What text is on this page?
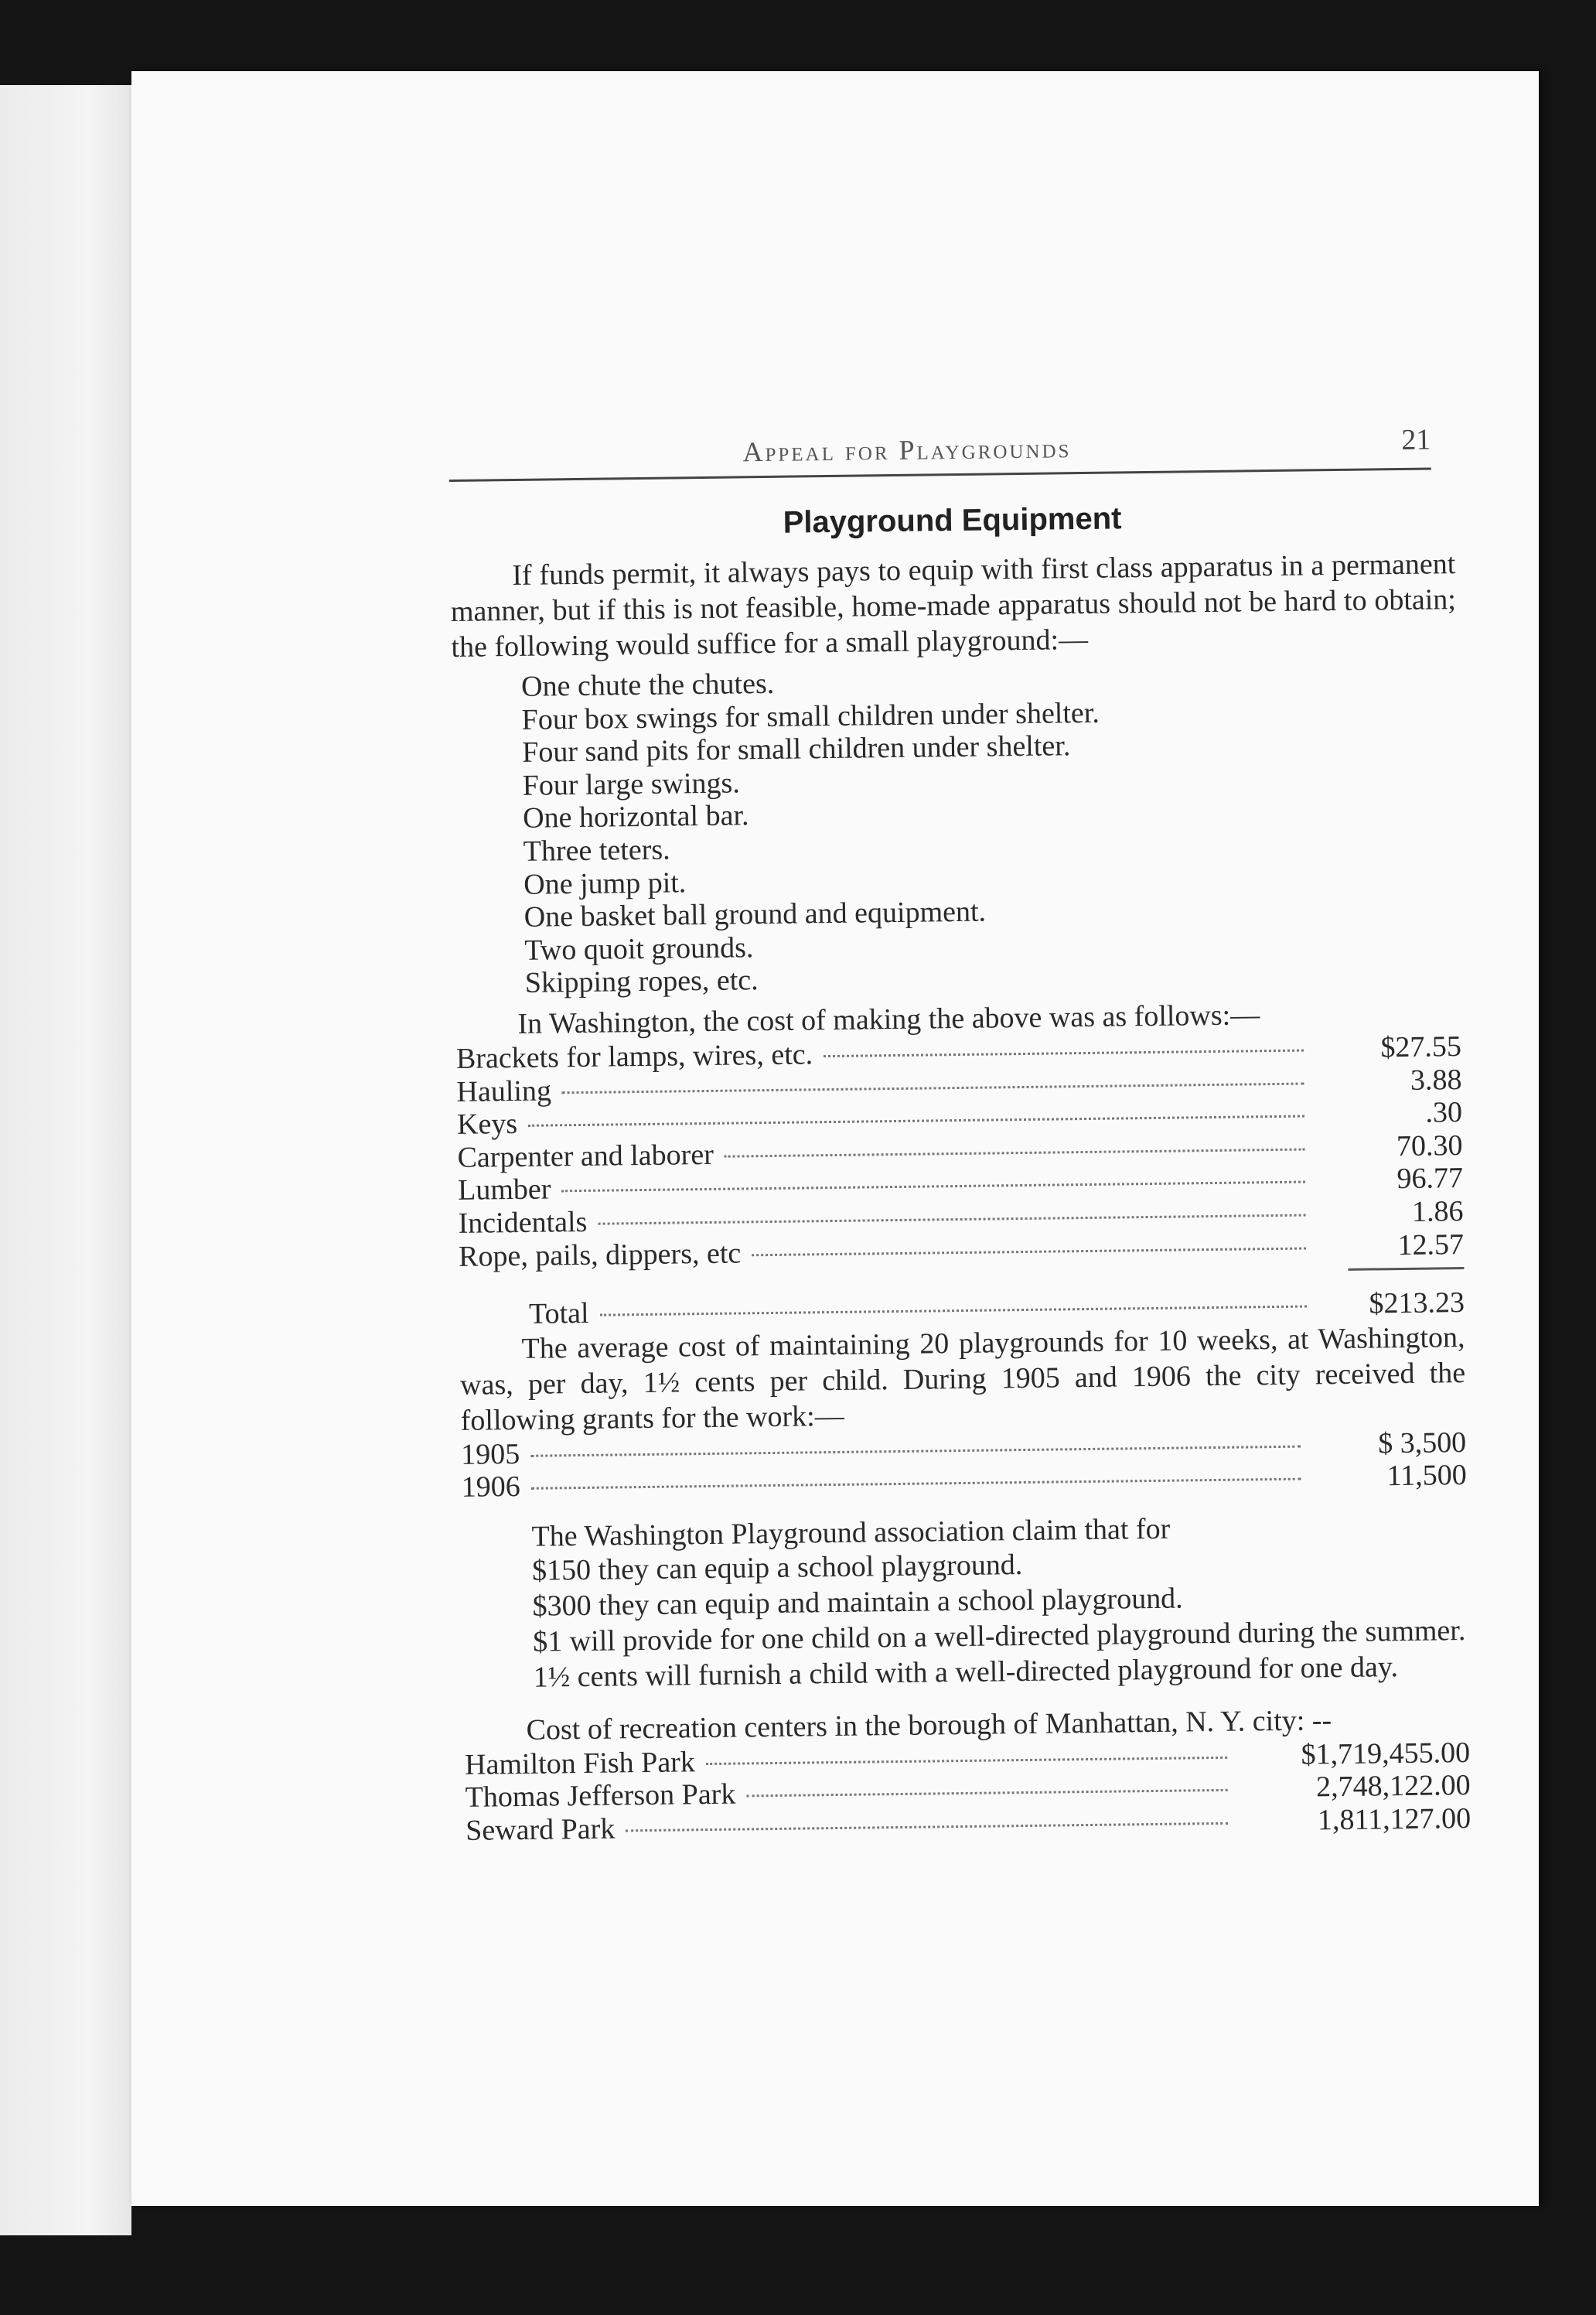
Appeal for Playgrounds	21
Playground Equipment

If funds permit, it always pays to equip with first class apparatus in a permanent manner, but if this is not feasible, home-made apparatus should not be hard to obtain; the following would suffice for a small playground:—

One chute the chutes.
Four box swings for small children under shelter.
Four sand pits for small children under shelter.
Four large swings.
One horizontal bar.
Three teters.
One jump pit.
One basket ball ground and equipment.
Two quoit grounds.
Skipping ropes, etc.

In Washington, the cost of making the above was as follows:—

Brackets for lamps, wires, etc.	$27.55
Hauling	3.88
Keys	.30
Carpenter and laborer	70.30
Lumber	96.77
Incidentals	1.86
Rope, pails, dippers, etc	12.57
Total	$213.23

The average cost of maintaining 20 playgrounds for 10 weeks, at Washington, was, per day, 1½ cents per child. During 1905 and 1906 the city received the following grants for the work:—

1905	$ 3,500
1906	11,500

The Washington Playground association claim that for

$150 they can equip a school playground.

$300 they can equip and maintain a school playground.

$1 will provide for one child on a well-directed playground during the summer.

1½ cents will furnish a child with a well-directed playground for one day.

Cost of recreation centers in the borough of Manhattan, N. Y. city: --

Hamilton Fish Park	$1,719,455.00
Thomas Jefferson Park	2,748,122.00
Seward Park	1,811,127.00
